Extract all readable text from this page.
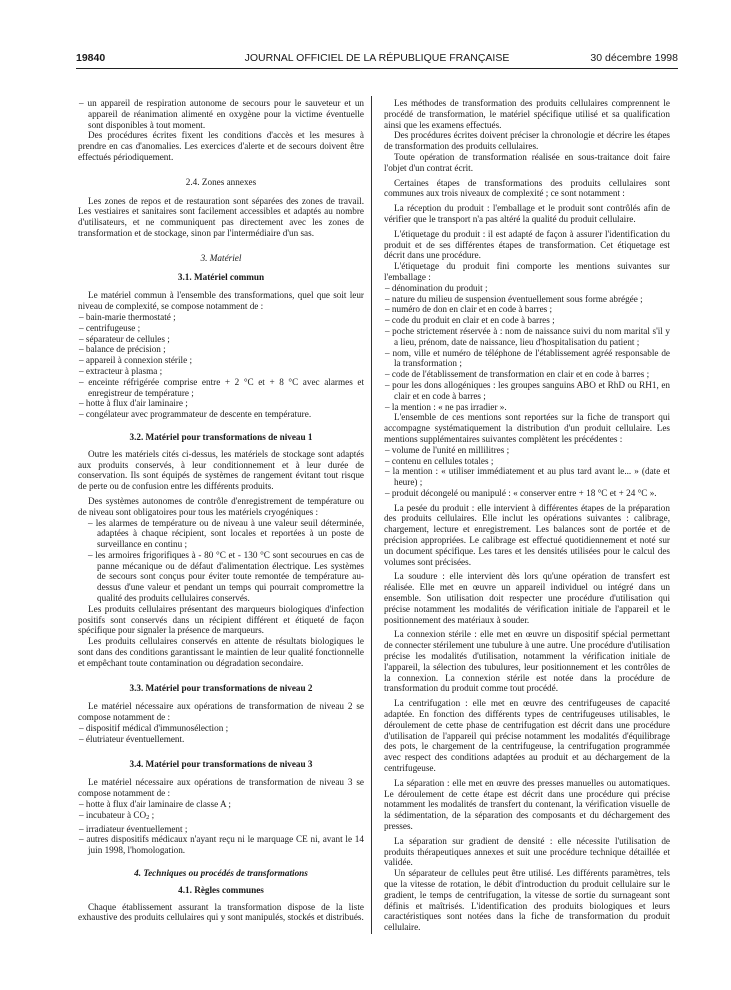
19840	JOURNAL OFFICIEL DE LA RÉPUBLIQUE FRANÇAISE	30 décembre 1998
– un appareil de respiration autonome de secours pour le sauveteur et un appareil de réanimation alimenté en oxygène pour la victime éventuelle sont disponibles à tout moment.

Des procédures écrites fixent les conditions d'accès et les mesures à prendre en cas d'anomalies. Les exercices d'alerte et de secours doivent être effectués périodiquement.

2.4. Zones annexes

Les zones de repos et de restauration sont séparées des zones de travail. Les vestiaires et sanitaires sont facilement accessibles et adaptés au nombre d'utilisateurs, et ne communiquent pas directement avec les zones de transformation et de stockage, sinon par l'intermédiaire d'un sas.

3. Matériel

3.1. Matériel commun

Le matériel commun à l'ensemble des transformations, quel que soit leur niveau de complexité, se compose notamment de :

– bain-marie thermostaté ;
– centrifugeuse ;
– séparateur de cellules ;
– balance de précision ;
– appareil à connexion stérile ;
– extracteur à plasma ;
– enceinte réfrigérée comprise entre + 2 °C et + 8 °C avec alarmes et enregistreur de température ;
– hotte à flux d'air laminaire ;
– congélateur avec programmateur de descente en température.

3.2. Matériel pour transformations de niveau 1

Outre les matériels cités ci-dessus, les matériels de stockage sont adaptés aux produits conservés, à leur conditionnement et à leur durée de conservation. Ils sont équipés de systèmes de rangement évitant tout risque de perte ou de confusion entre les différents produits.

Des systèmes autonomes de contrôle d'enregistrement de température ou de niveau sont obligatoires pour tous les matériels cryogéniques :

– les alarmes de température ou de niveau à une valeur seuil déterminée, adaptées à chaque récipient, sont locales et reportées à un poste de surveillance en continu ;
– les armoires frigorifiques à - 80 °C et - 130 °C sont secourues en cas de panne mécanique ou de défaut d'alimentation électrique. Les systèmes de secours sont conçus pour éviter toute remontée de température au-dessus d'une valeur et pendant un temps qui pourrait compromettre la qualité des produits cellulaires conservés.

Les produits cellulaires présentant des marqueurs biologiques d'infection positifs sont conservés dans un récipient différent et étiqueté de façon spécifique pour signaler la présence de marqueurs.

Les produits cellulaires conservés en attente de résultats biologiques le sont dans des conditions garantissant le maintien de leur qualité fonctionnelle et empêchant toute contamination ou dégradation secondaire.

3.3. Matériel pour transformations de niveau 2

Le matériel nécessaire aux opérations de transformation de niveau 2 se compose notamment de :

– dispositif médical d'immunosélection ;
– élutriateur éventuellement.

3.4. Matériel pour transformations de niveau 3

Le matériel nécessaire aux opérations de transformation de niveau 3 se compose notamment de :

– hotte à flux d'air laminaire de classe A ;
– incubateur à $CO_2$ ;
– irradiateur éventuellement ;
– autres dispositifs médicaux n'ayant reçu ni le marquage CE ni, avant le 14 juin 1998, l'homologation.

4. Techniques ou procédés de transformations

4.1. Règles communes

Chaque établissement assurant la transformation dispose de la liste exhaustive des produits cellulaires qui y sont manipulés, stockés et distribués.

Les méthodes de transformation des produits cellulaires comprennent le procédé de transformation, le matériel spécifique utilisé et sa qualification ainsi que les examens effectués.

Des procédures écrites doivent préciser la chronologie et décrire les étapes de transformation des produits cellulaires.

Toute opération de transformation réalisée en sous-traitance doit faire l'objet d'un contrat écrit.

Certaines étapes de transformations des produits cellulaires sont communes aux trois niveaux de complexité ; ce sont notamment :

La réception du produit : l'emballage et le produit sont contrôlés afin de vérifier que le transport n'a pas altéré la qualité du produit cellulaire.

L'étiquetage du produit : il est adapté de façon à assurer l'identification du produit et de ses différentes étapes de transformation. Cet étiquetage est décrit dans une procédure.

L'étiquetage du produit fini comporte les mentions suivantes sur l'emballage :

– dénomination du produit ;
– nature du milieu de suspension éventuellement sous forme abrégée ;
– numéro de don en clair et en code à barres ;
– code du produit en clair et en code à barres ;
– poche strictement réservée à : nom de naissance suivi du nom marital s'il y a lieu, prénom, date de naissance, lieu d'hospitalisation du patient ;
– nom, ville et numéro de téléphone de l'établissement agréé responsable de la transformation ;
– code de l'établissement de transformation en clair et en code à barres ;
– pour les dons allogéniques : les groupes sanguins ABO et RhD ou RH1, en clair et en code à barres ;
– la mention : « ne pas irradier ».

L'ensemble de ces mentions sont reportées sur la fiche de transport qui accompagne systématiquement la distribution d'un produit cellulaire. Les mentions supplémentaires suivantes complètent les précédentes :

– volume de l'unité en millilitres ;
– contenu en cellules totales ;
– la mention : « utiliser immédiatement et au plus tard avant le... » (date et heure) ;
– produit décongelé ou manipulé : « conserver entre + 18 °C et + 24 °C ».

La pesée du produit : elle intervient à différentes étapes de la préparation des produits cellulaires. Elle inclut les opérations suivantes : calibrage, chargement, lecture et enregistrement. Les balances sont de portée et de précision appropriées. Le calibrage est effectué quotidiennement et noté sur un document spécifique. Les tares et les densités utilisées pour le calcul des volumes sont précisées.

La soudure : elle intervient dès lors qu'une opération de transfert est réalisée. Elle met en œuvre un appareil individuel ou intégré dans un ensemble. Son utilisation doit respecter une procédure d'utilisation qui précise notamment les modalités de vérification initiale de l'appareil et le positionnement des matériaux à souder.

La connexion stérile : elle met en œuvre un dispositif spécial permettant de connecter stérilement une tubulure à une autre. Une procédure d'utilisation précise les modalités d'utilisation, notamment la vérification initiale de l'appareil, la sélection des tubulures, leur positionnement et les contrôles de la connexion. La connexion stérile est notée dans la procédure de transformation du produit comme tout procédé.

La centrifugation : elle met en œuvre des centrifugeuses de capacité adaptée. En fonction des différents types de centrifugeuses utilisables, le déroulement de cette phase de centrifugation est décrit dans une procédure d'utilisation de l'appareil qui précise notamment les modalités d'équilibrage des pots, le chargement de la centrifugeuse, la centrifugation programmée avec respect des conditions adaptées au produit et au déchargement de la centrifugeuse.

La séparation : elle met en œuvre des presses manuelles ou automatiques. Le déroulement de cette étape est décrit dans une procédure qui précise notamment les modalités de transfert du contenant, la vérification visuelle de la sédimentation, de la séparation des composants et du déchargement des presses.

La séparation sur gradient de densité : elle nécessite l'utilisation de produits thérapeutiques annexes et suit une procédure technique détaillée et validée.

Un séparateur de cellules peut être utilisé. Les différents paramètres, tels que la vitesse de rotation, le débit d'introduction du produit cellulaire sur le gradient, le temps de centrifugation, la vitesse de sortie du surnageant sont définis et maîtrisés. L'identification des produits biologiques et leurs caractéristiques sont notées dans la fiche de transformation du produit cellulaire.
